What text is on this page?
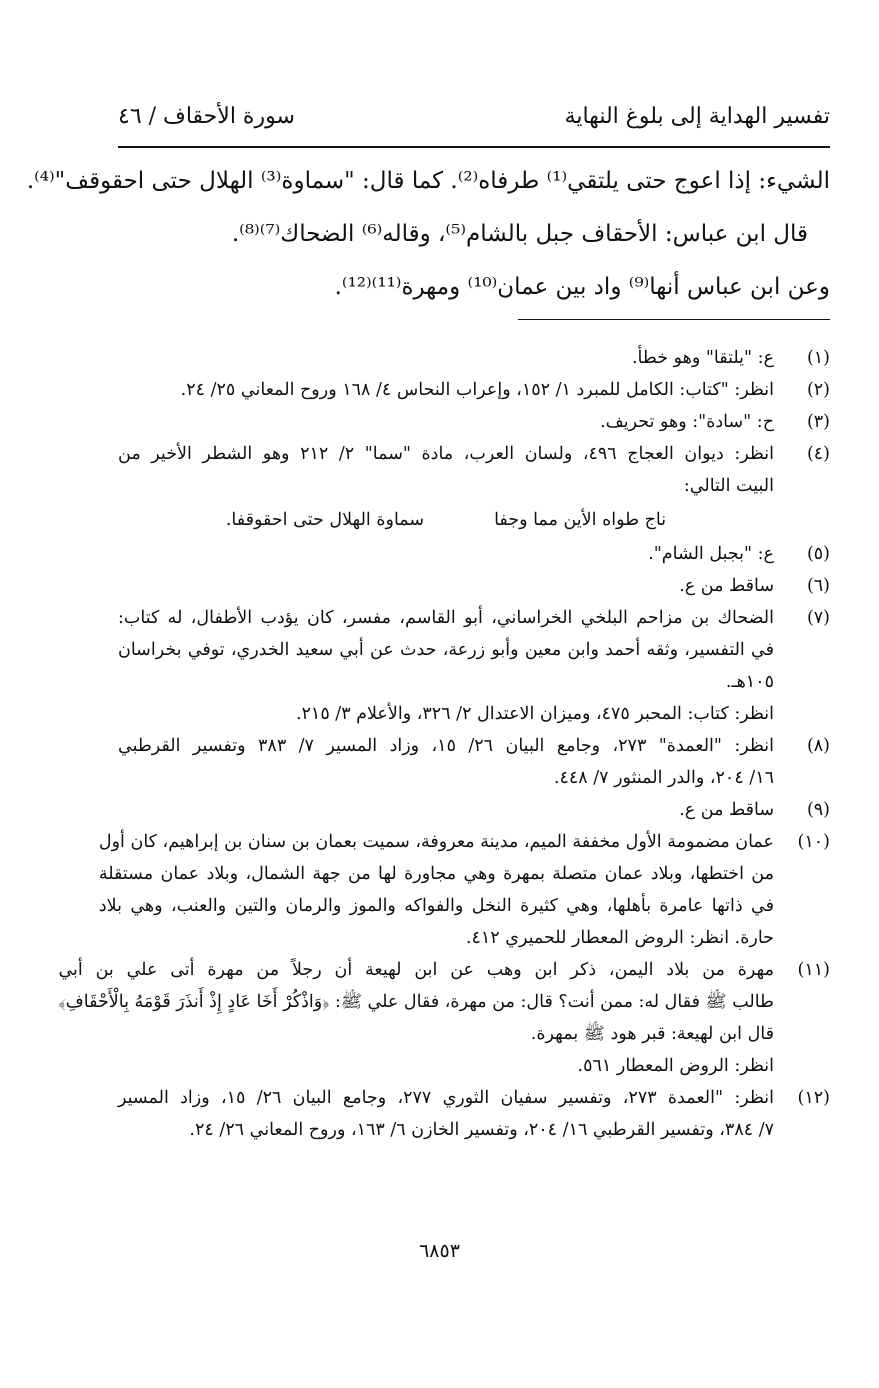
تفسير الهداية إلى بلوغ النهاية
سورة الأحقاف / ٤٦
الشيء: إذا اعوج حتى يلتقي⁽¹⁾ طرفاه⁽²⁾. كما قال: "سماوة⁽³⁾ الهلال حتى احقوقف"⁽⁴⁾.
قال ابن عباس: الأحقاف جبل بالشام⁽⁵⁾، وقاله⁽⁶⁾ الضحاك⁽⁷⁾⁽⁸⁾.
وعن ابن عباس أنها⁽⁹⁾ واد بين عمان⁽¹⁰⁾ ومهرة⁽¹¹⁾⁽¹²⁾.
(١)
ع: "يلتقا" وهو خطأ.
(٢)
انظر: "كتاب: الكامل للمبرد ١/ ١٥٢، وإعراب النحاس ٤/ ١٦٨ وروح المعاني ٢٥/ ٢٤.
(٣)
ح: "سادة": وهو تحريف.
(٤)
انظر: ديوان العجاج ٤٩٦، ولسان العرب، مادة "سما" ٢/ ٢١٢ وهو الشطر الأخير من
البيت التالي:
ناج طواه الأين مما وجفا
سماوة الهلال حتى احقوقفا.
(٥)
ع: "بجبل الشام".
(٦)
ساقط من ع.
(٧)
الضحاك بن مزاحم البلخي الخراساني، أبو القاسم، مفسر، كان يؤدب الأطفال، له كتاب:
في التفسير، وثقه أحمد وابن معين وأبو زرعة، حدث عن أبي سعيد الخدري، توفي بخراسان
١٠٥هـ.
انظر: كتاب: المحبر ٤٧٥، وميزان الاعتدال ٢/ ٣٢٦، والأعلام ٣/ ٢١٥.
(٨)
انظر: "العمدة" ٢٧٣، وجامع البيان ٢٦/ ١٥، وزاد المسير ٧/ ٣٨٣ وتفسير القرطبي
١٦/ ٢٠٤، والدر المنثور ٧/ ٤٤٨.
(٩)
ساقط من ع.
(١٠)
عمان مضمومة الأول مخففة الميم، مدينة معروفة، سميت بعمان بن سنان بن إبراهيم، كان أول
من اختطها، وبلاد عمان متصلة بمهرة وهي مجاورة لها من جهة الشمال، وبلاد عمان مستقلة
في ذاتها عامرة بأهلها، وهي كثيرة النخل والفواكه والموز والرمان والتين والعنب، وهي بلاد
حارة. انظر: الروض المعطار للحميري ٤١٢.
(١١)
مهرة من بلاد اليمن، ذكر ابن وهب عن ابن لهيعة أن رجلاً من مهرة أتى علي بن أبي
طالب ﷺ فقال له: ممن أنت؟ قال: من مهرة، فقال علي ﷺ: ﴿وَاذْكُرْ أَخَا عَادٍ إِذْ أَنذَرَ قَوْمَهُ بِالْأَحْقَافِ﴾
قال ابن لهيعة: قبر هود ﷺ بمهرة.
انظر: الروض المعطار ٥٦١.
(١٢)
انظر: "العمدة ٢٧٣، وتفسير سفيان الثوري ٢٧٧، وجامع البيان ٢٦/ ١٥، وزاد المسير
٧/ ٣٨٤، وتفسير القرطبي ١٦/ ٢٠٤، وتفسير الخازن ٦/ ١٦٣، وروح المعاني ٢٦/ ٢٤.
٦٨٥٣
